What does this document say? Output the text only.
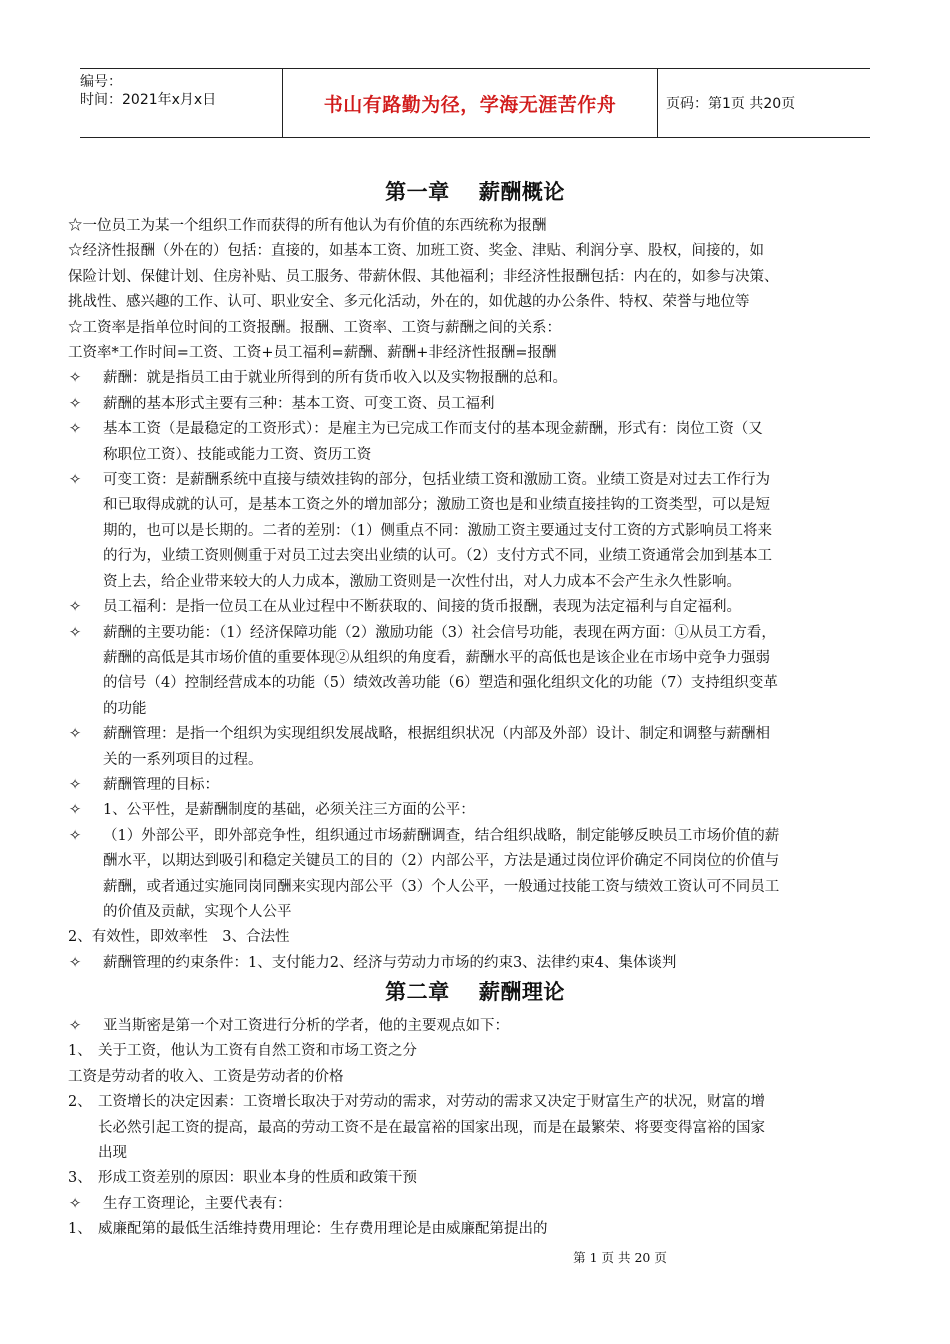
编号：
时间：2021年x月x日	书山有路勤为径，学海无涯苦作舟	页码：第1页 共20页
第一章　 薪酬概论
☆一位员工为某一个组织工作而获得的所有他认为有价值的东西统称为报酬
☆经济性报酬（外在的）包括：直接的，如基本工资、加班工资、奖金、津贴、利润分享、股权，间接的，如
保险计划、保健计划、住房补贴、员工服务、带薪休假、其他福利；非经济性报酬包括：内在的，如参与决策、
挑战性、感兴趣的工作、认可、职业安全、多元化活动，外在的，如优越的办公条件、特权、荣誉与地位等
☆工资率是指单位时间的工资报酬。报酬、工资率、工资与薪酬之间的关系：
工资率*工作时间=工资、工资+员工福利=薪酬、薪酬+非经济性报酬=报酬
✧ 薪酬：就是指员工由于就业所得到的所有货币收入以及实物报酬的总和。
✧ 薪酬的基本形式主要有三种：基本工资、可变工资、员工福利
✧ 基本工资（是最稳定的工资形式）：是雇主为已完成工作而支付的基本现金薪酬，形式有：岗位工资（又
称职位工资）、技能或能力工资、资历工资
✧ 可变工资：是薪酬系统中直接与绩效挂钩的部分，包括业绩工资和激励工资。业绩工资是对过去工作行为
和已取得成就的认可，是基本工资之外的增加部分；激励工资也是和业绩直接挂钩的工资类型，可以是短
期的，也可以是长期的。二者的差别：（1）侧重点不同：激励工资主要通过支付工资的方式影响员工将来
的行为，业绩工资则侧重于对员工过去突出业绩的认可。（2）支付方式不同，业绩工资通常会加到基本工
资上去，给企业带来较大的人力成本，激励工资则是一次性付出，对人力成本不会产生永久性影响。
✧ 员工福利：是指一位员工在从业过程中不断获取的、间接的货币报酬，表现为法定福利与自定福利。
✧ 薪酬的主要功能：（1）经济保障功能（2）激励功能（3）社会信号功能，表现在两方面：①从员工方看，
薪酬的高低是其市场价值的重要体现②从组织的角度看，薪酬水平的高低也是该企业在市场中竞争力强弱
的信号（4）控制经营成本的功能（5）绩效改善功能（6）塑造和强化组织文化的功能（7）支持组织变革
的功能
✧ 薪酬管理：是指一个组织为实现组织发展战略，根据组织状况（内部及外部）设计、制定和调整与薪酬相
关的一系列项目的过程。
✧ 薪酬管理的目标：
✧ 1、公平性，是薪酬制度的基础，必须关注三方面的公平：
✧ （1）外部公平，即外部竞争性，组织通过市场薪酬调查，结合组织战略，制定能够反映员工市场价值的薪
酬水平，以期达到吸引和稳定关键员工的目的（2）内部公平，方法是通过岗位评价确定不同岗位的价值与
薪酬，或者通过实施同岗同酬来实现内部公平（3）个人公平，一般通过技能工资与绩效工资认可不同员工
的价值及贡献，实现个人公平
2、有效性，即效率性　3、合法性
✧ 薪酬管理的约束条件：1、支付能力2、经济与劳动力市场的约束3、法律约束4、集体谈判
第二章　 薪酬理论
✧ 亚当斯密是第一个对工资进行分析的学者，他的主要观点如下：
1、 关于工资，他认为工资有自然工资和市场工资之分
工资是劳动者的收入、工资是劳动者的价格
2、 工资增长的决定因素：工资增长取决于对劳动的需求，对劳动的需求又决定于财富生产的状况，财富的增
长必然引起工资的提高，最高的劳动工资不是在最富裕的国家出现，而是在最繁荣、将要变得富裕的国家
出现
3、 形成工资差别的原因：职业本身的性质和政策干预
✧ 生存工资理论，主要代表有：
1、 威廉配第的最低生活维持费用理论：生存费用理论是由威廉配第提出的
第 1 页 共 20 页
